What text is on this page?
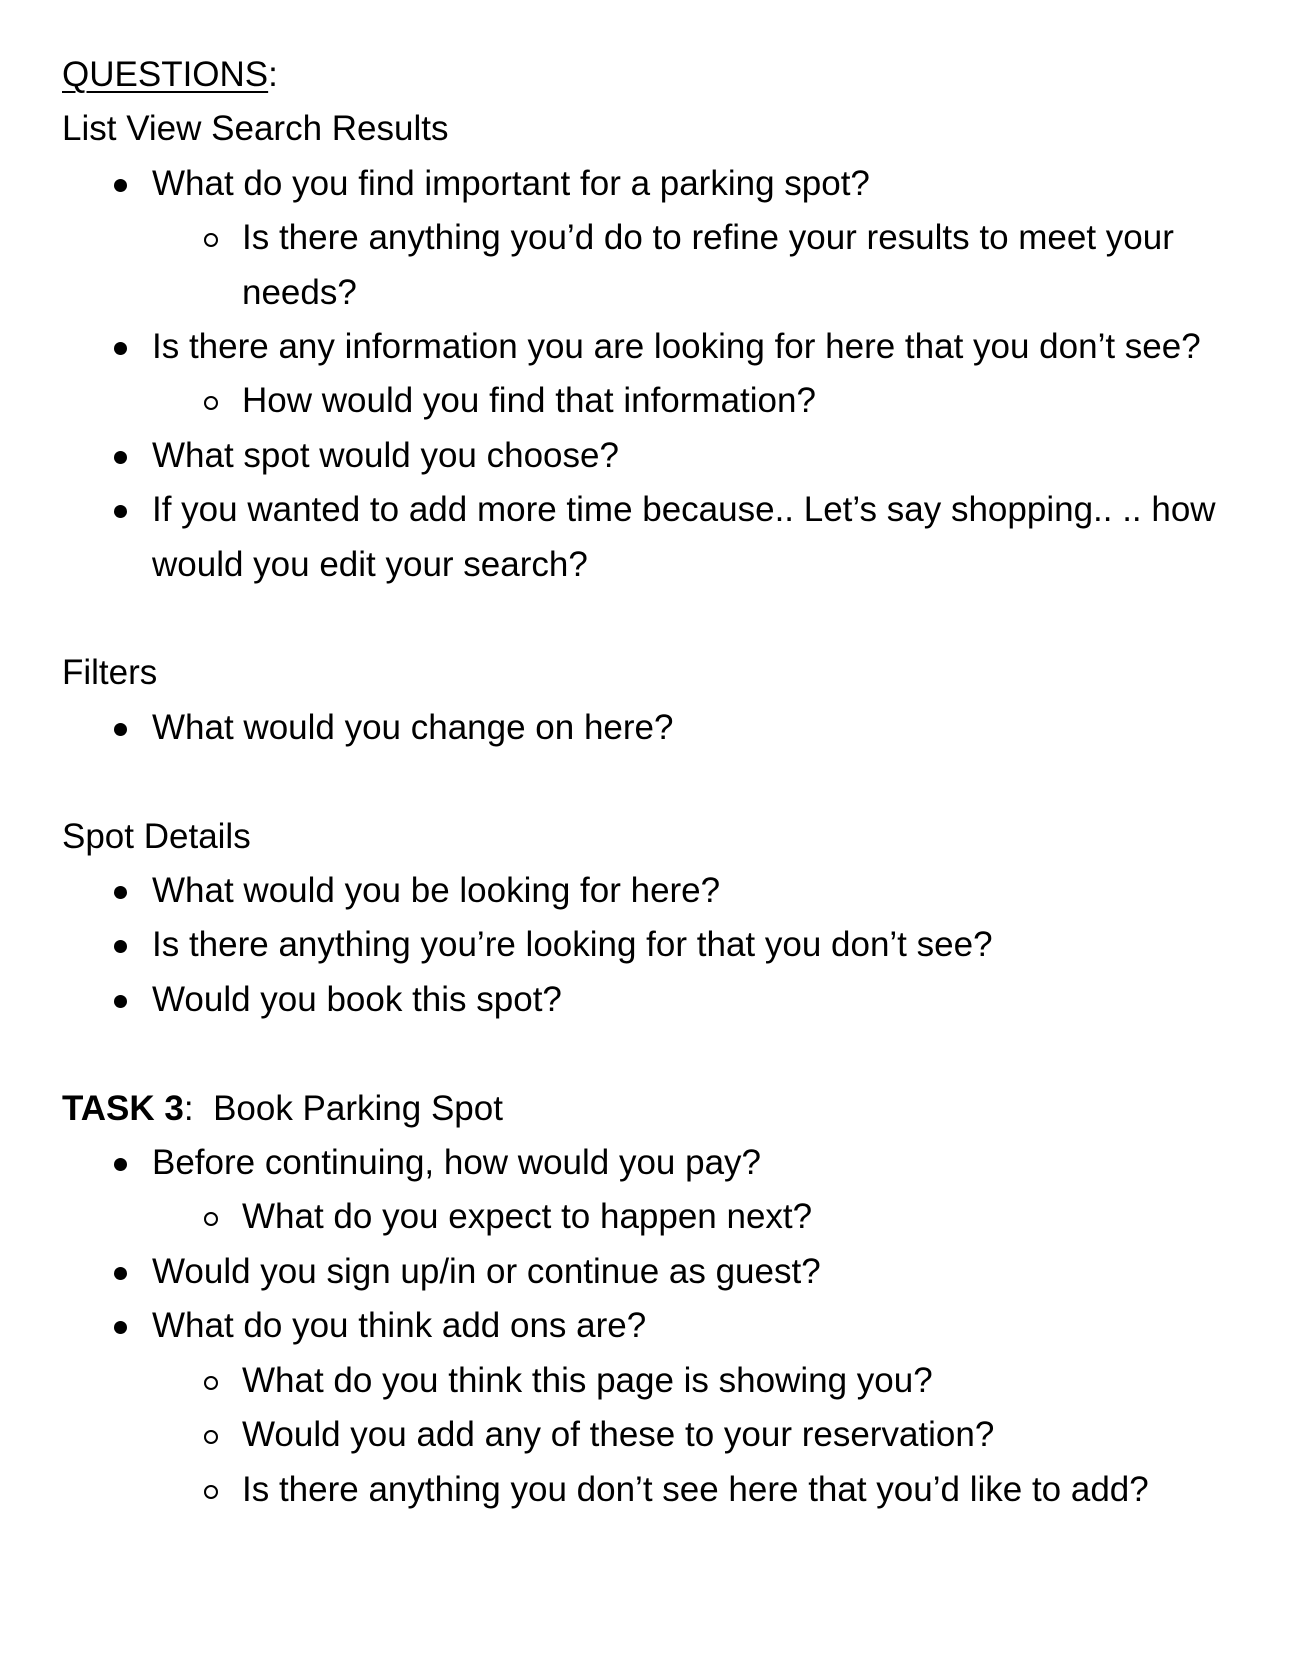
QUESTIONS:

List View Search Results

What do you find important for a parking spot?
Is there anything you’d do to refine your results to meet your needs?
Is there any information you are looking for here that you don’t see?
How would you find that information?
What spot would you choose?
If you wanted to add more time because.. Let’s say shopping.. .. how would you edit your search?

Filters

What would you change on here?

Spot Details

What would you be looking for here?
Is there anything you’re looking for that you don’t see?
Would you book this spot?

TASK 3: Book Parking Spot

Before continuing, how would you pay?
What do you expect to happen next?
Would you sign up/in or continue as guest?
What do you think add ons are?
What do you think this page is showing you?
Would you add any of these to your reservation?
Is there anything you don’t see here that you’d like to add?
